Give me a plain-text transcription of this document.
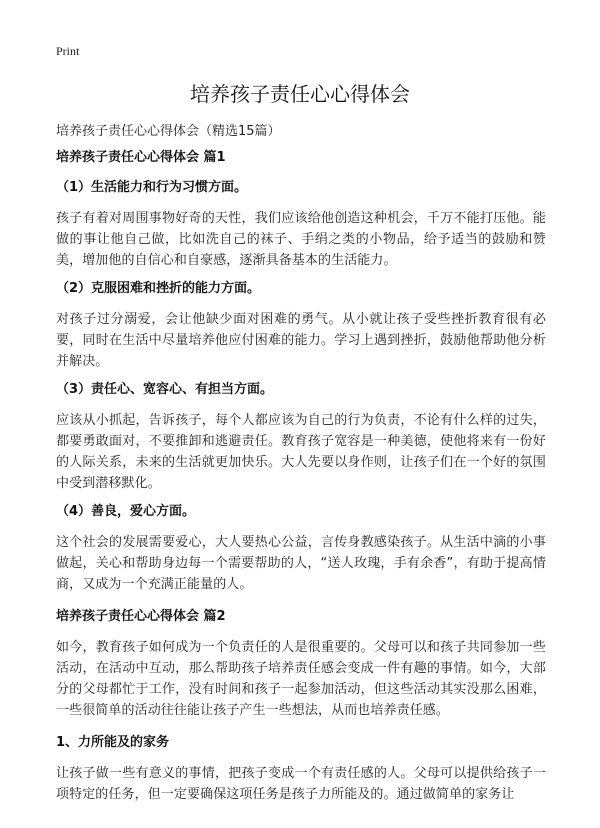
Print
培养孩子责任心心得体会
培养孩子责任心心得体会（精选15篇）

培养孩子责任心心得体会 篇1

（1）生活能力和行为习惯方面。

孩子有着对周围事物好奇的天性，我们应该给他创造这种机会，千万不能打压他。能做的事让他自己做，比如洗自己的袜子、手绢之类的小物品，给予适当的鼓励和赞美，增加他的自信心和自豪感，逐渐具备基本的生活能力。

（2）克服困难和挫折的能力方面。

对孩子过分溺爱，会让他缺少面对困难的勇气。从小就让孩子受些挫折教育很有必要，同时在生活中尽量培养他应付困难的能力。学习上遇到挫折，鼓励他帮助他分析并解决。

（3）责任心、宽容心、有担当方面。

应该从小抓起，告诉孩子，每个人都应该为自己的行为负责，不论有什么样的过失，都要勇敢面对，不要推卸和逃避责任。教育孩子宽容是一种美德，使他将来有一份好的人际关系，未来的生活就更加快乐。大人先要以身作则，让孩子们在一个好的氛围中受到潜移默化。

（4）善良，爱心方面。

这个社会的发展需要爱心，大人要热心公益，言传身教感染孩子。从生活中滴的小事做起，关心和帮助身边每一个需要帮助的人，“送人玫瑰，手有余香”，有助于提高情商，又成为一个充满正能量的人。

培养孩子责任心心得体会 篇2

如今，教育孩子如何成为一个负责任的人是很重要的。父母可以和孩子共同参加一些活动，在活动中互动，那么帮助孩子培养责任感会变成一件有趣的事情。如今，大部分的父母都忙于工作，没有时间和孩子一起参加活动，但这些活动其实没那么困难，一些很简单的活动往往能让孩子产生一些想法，从而也培养责任感。

1、力所能及的家务

让孩子做一些有意义的事情，把孩子变成一个有责任感的人。父母可以提供给孩子一项特定的任务，但一定要确保这项任务是孩子力所能及的。通过做简单的家务让
